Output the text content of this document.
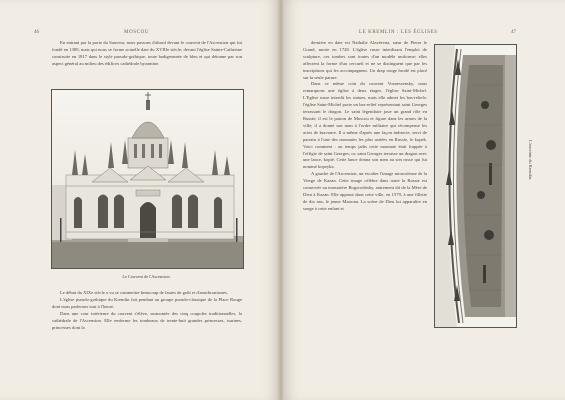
46	MOSCOU

En entrant par la porte du Sauveur, nous passons d'abord devant le couvent de l'Ascension qui fut fondé en 1389, mais qui nous se forme actuelle date du XVIIIe siècle; devant l'église Sainte-Catherine construite en 1817 dans le style pseudo-gothique, toute badigeonnée de bleu et qui détonne par son aspect général au milieu des édifices cathédrale byzantine.

Le Couvent de l'Ascension.

Le début du XIXe siècle a vu se commettre beaucoup de fautes de goût et d'anachronismes.

L'église pseudo-gothique du Kremlin fait pendant au groupe pseudo-classique de la Place Rouge dont nous parlerons tout à l'heure.

Dans une cour intérieure du couvent s'élève, surmontée des cinq coupoles traditionnelles, la cathédrale de l'Ascension. Elle renferme les tombeaux de trente-huit grandes princesses, tsarines, princesses dont la

LE KREMLIN : LES ÉGLISES	47

dernière en date est Nathalie Alexéevna, sœur de Pierre le Grand, morte en 1728. L'église russe interdisant l'emploi de sculpture, ces tombes sont toutes d'un modèle uniforme; elles affectent la forme d'un cercueil et ne se distinguent que par les inscriptions qui les accompagnent. Un drap rouge brodé est placé sur la seule parure.

Dans ce même coin du couvent Voznessensky, nous remarquons une église à deux étages, l'église Saint-Michel. L'Eglise russe interdit les statues, mais elle admet les bas-reliefs: l'église Saint-Michel porte un bas-relief représentant saint Georges terrassant le dragon. Le saint légendaire joue un grand rôle en Russie; il est le patron de Moscou et figure dans les armes de la ville; il a donné son nom à l'ordre militaire qui récompense les actes de bravoure. Il a même d'après une façon indirecte, servi de parrain à l'une des monnaies les plus usitées en Russie, le kopek. Voici comment : au temps jadis cette monnaie était frappée à l'effigie de saint Georges; or, saint Georges terrasse un dragon avec une lance, kopié. Cette lance donna son nom au son russe qui fut nommé kopeyka.

A gauche de l'Ascension, un escalier l'image miraculeuse de la Vierge de Kazan. Cette image célèbre dans toute la Russie est conservée au monastère Bogoroditsky, autrement dit de la Mère de Dieu à Kazan. Elle apparut dans cette ville, en 1579, à une fillette de dix ans, le jeune Matrona. La scène de Dieu lui apparaître en songe à cette enfant et

L'enceinte du Kremlin.
